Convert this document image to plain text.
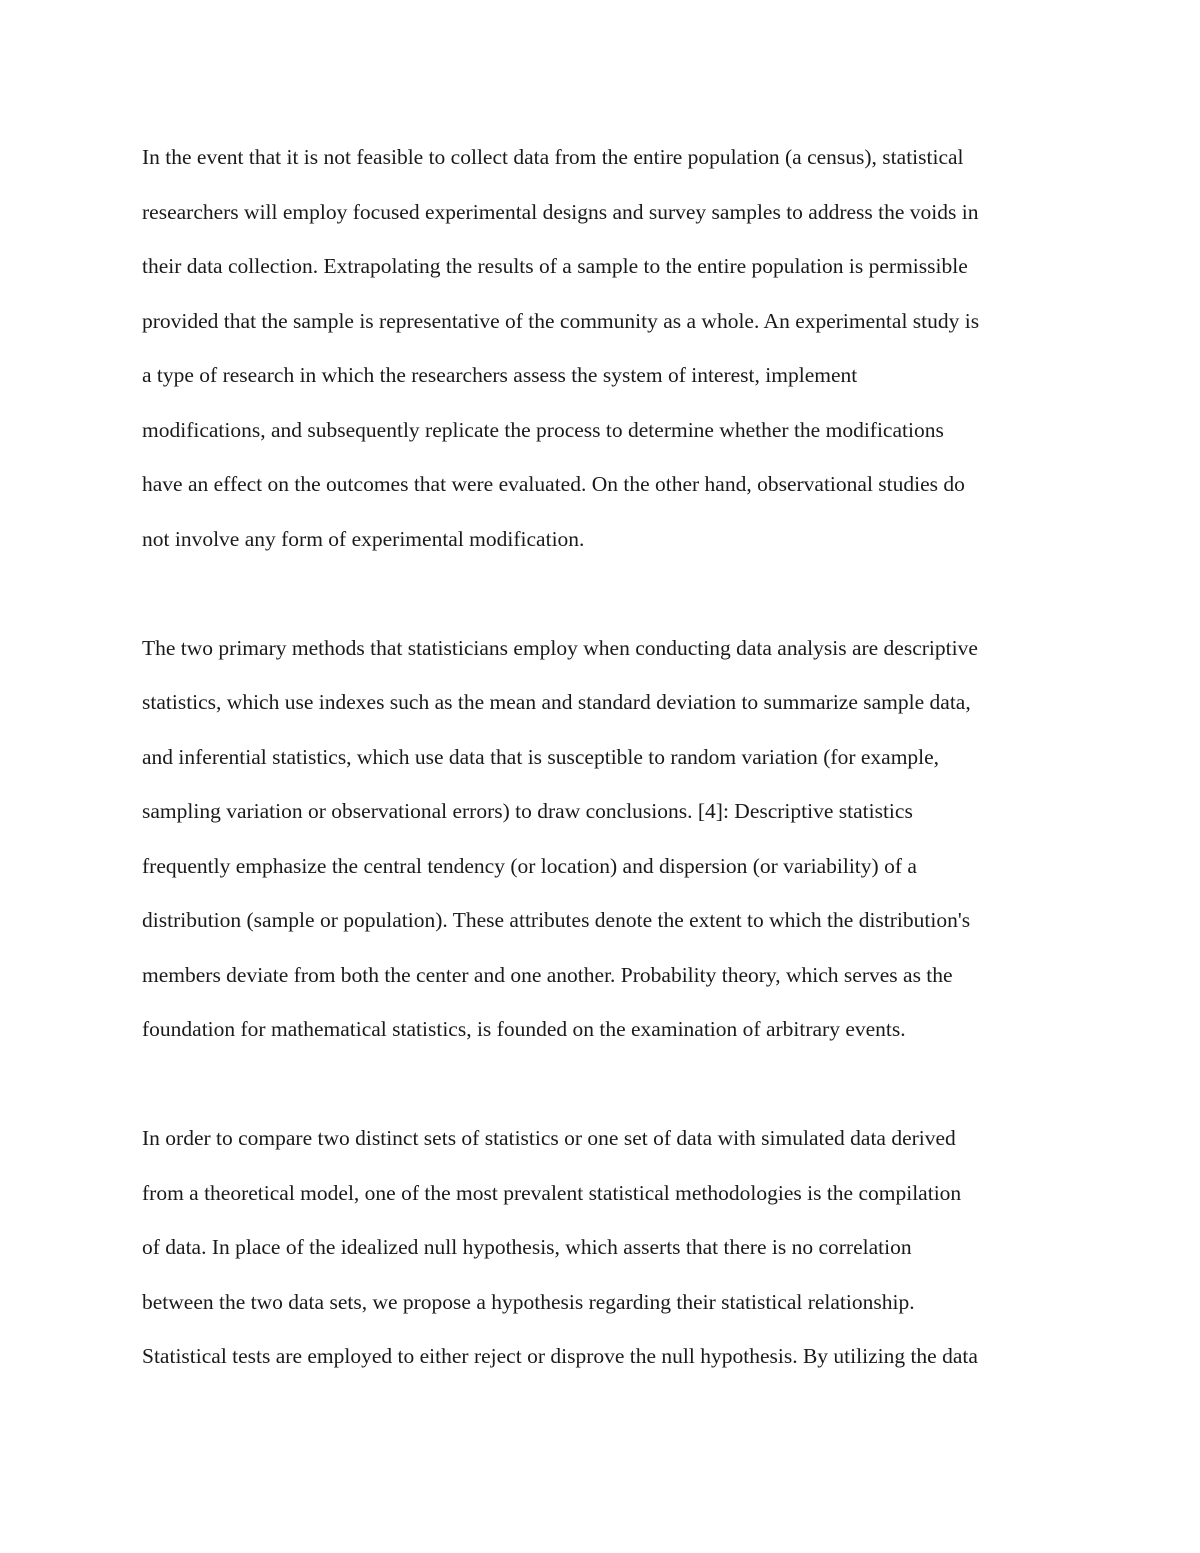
In the event that it is not feasible to collect data from the entire population (a census), statistical
researchers will employ focused experimental designs and survey samples to address the voids in
their data collection. Extrapolating the results of a sample to the entire population is permissible
provided that the sample is representative of the community as a whole. An experimental study is
a type of research in which the researchers assess the system of interest, implement
modifications, and subsequently replicate the process to determine whether the modifications
have an effect on the outcomes that were evaluated. On the other hand, observational studies do
not involve any form of experimental modification.

The two primary methods that statisticians employ when conducting data analysis are descriptive
statistics, which use indexes such as the mean and standard deviation to summarize sample data,
and inferential statistics, which use data that is susceptible to random variation (for example,
sampling variation or observational errors) to draw conclusions. [4]: Descriptive statistics
frequently emphasize the central tendency (or location) and dispersion (or variability) of a
distribution (sample or population). These attributes denote the extent to which the distribution's
members deviate from both the center and one another. Probability theory, which serves as the
foundation for mathematical statistics, is founded on the examination of arbitrary events.

In order to compare two distinct sets of statistics or one set of data with simulated data derived
from a theoretical model, one of the most prevalent statistical methodologies is the compilation
of data. In place of the idealized null hypothesis, which asserts that there is no correlation
between the two data sets, we propose a hypothesis regarding their statistical relationship.
Statistical tests are employed to either reject or disprove the null hypothesis. By utilizing the data
